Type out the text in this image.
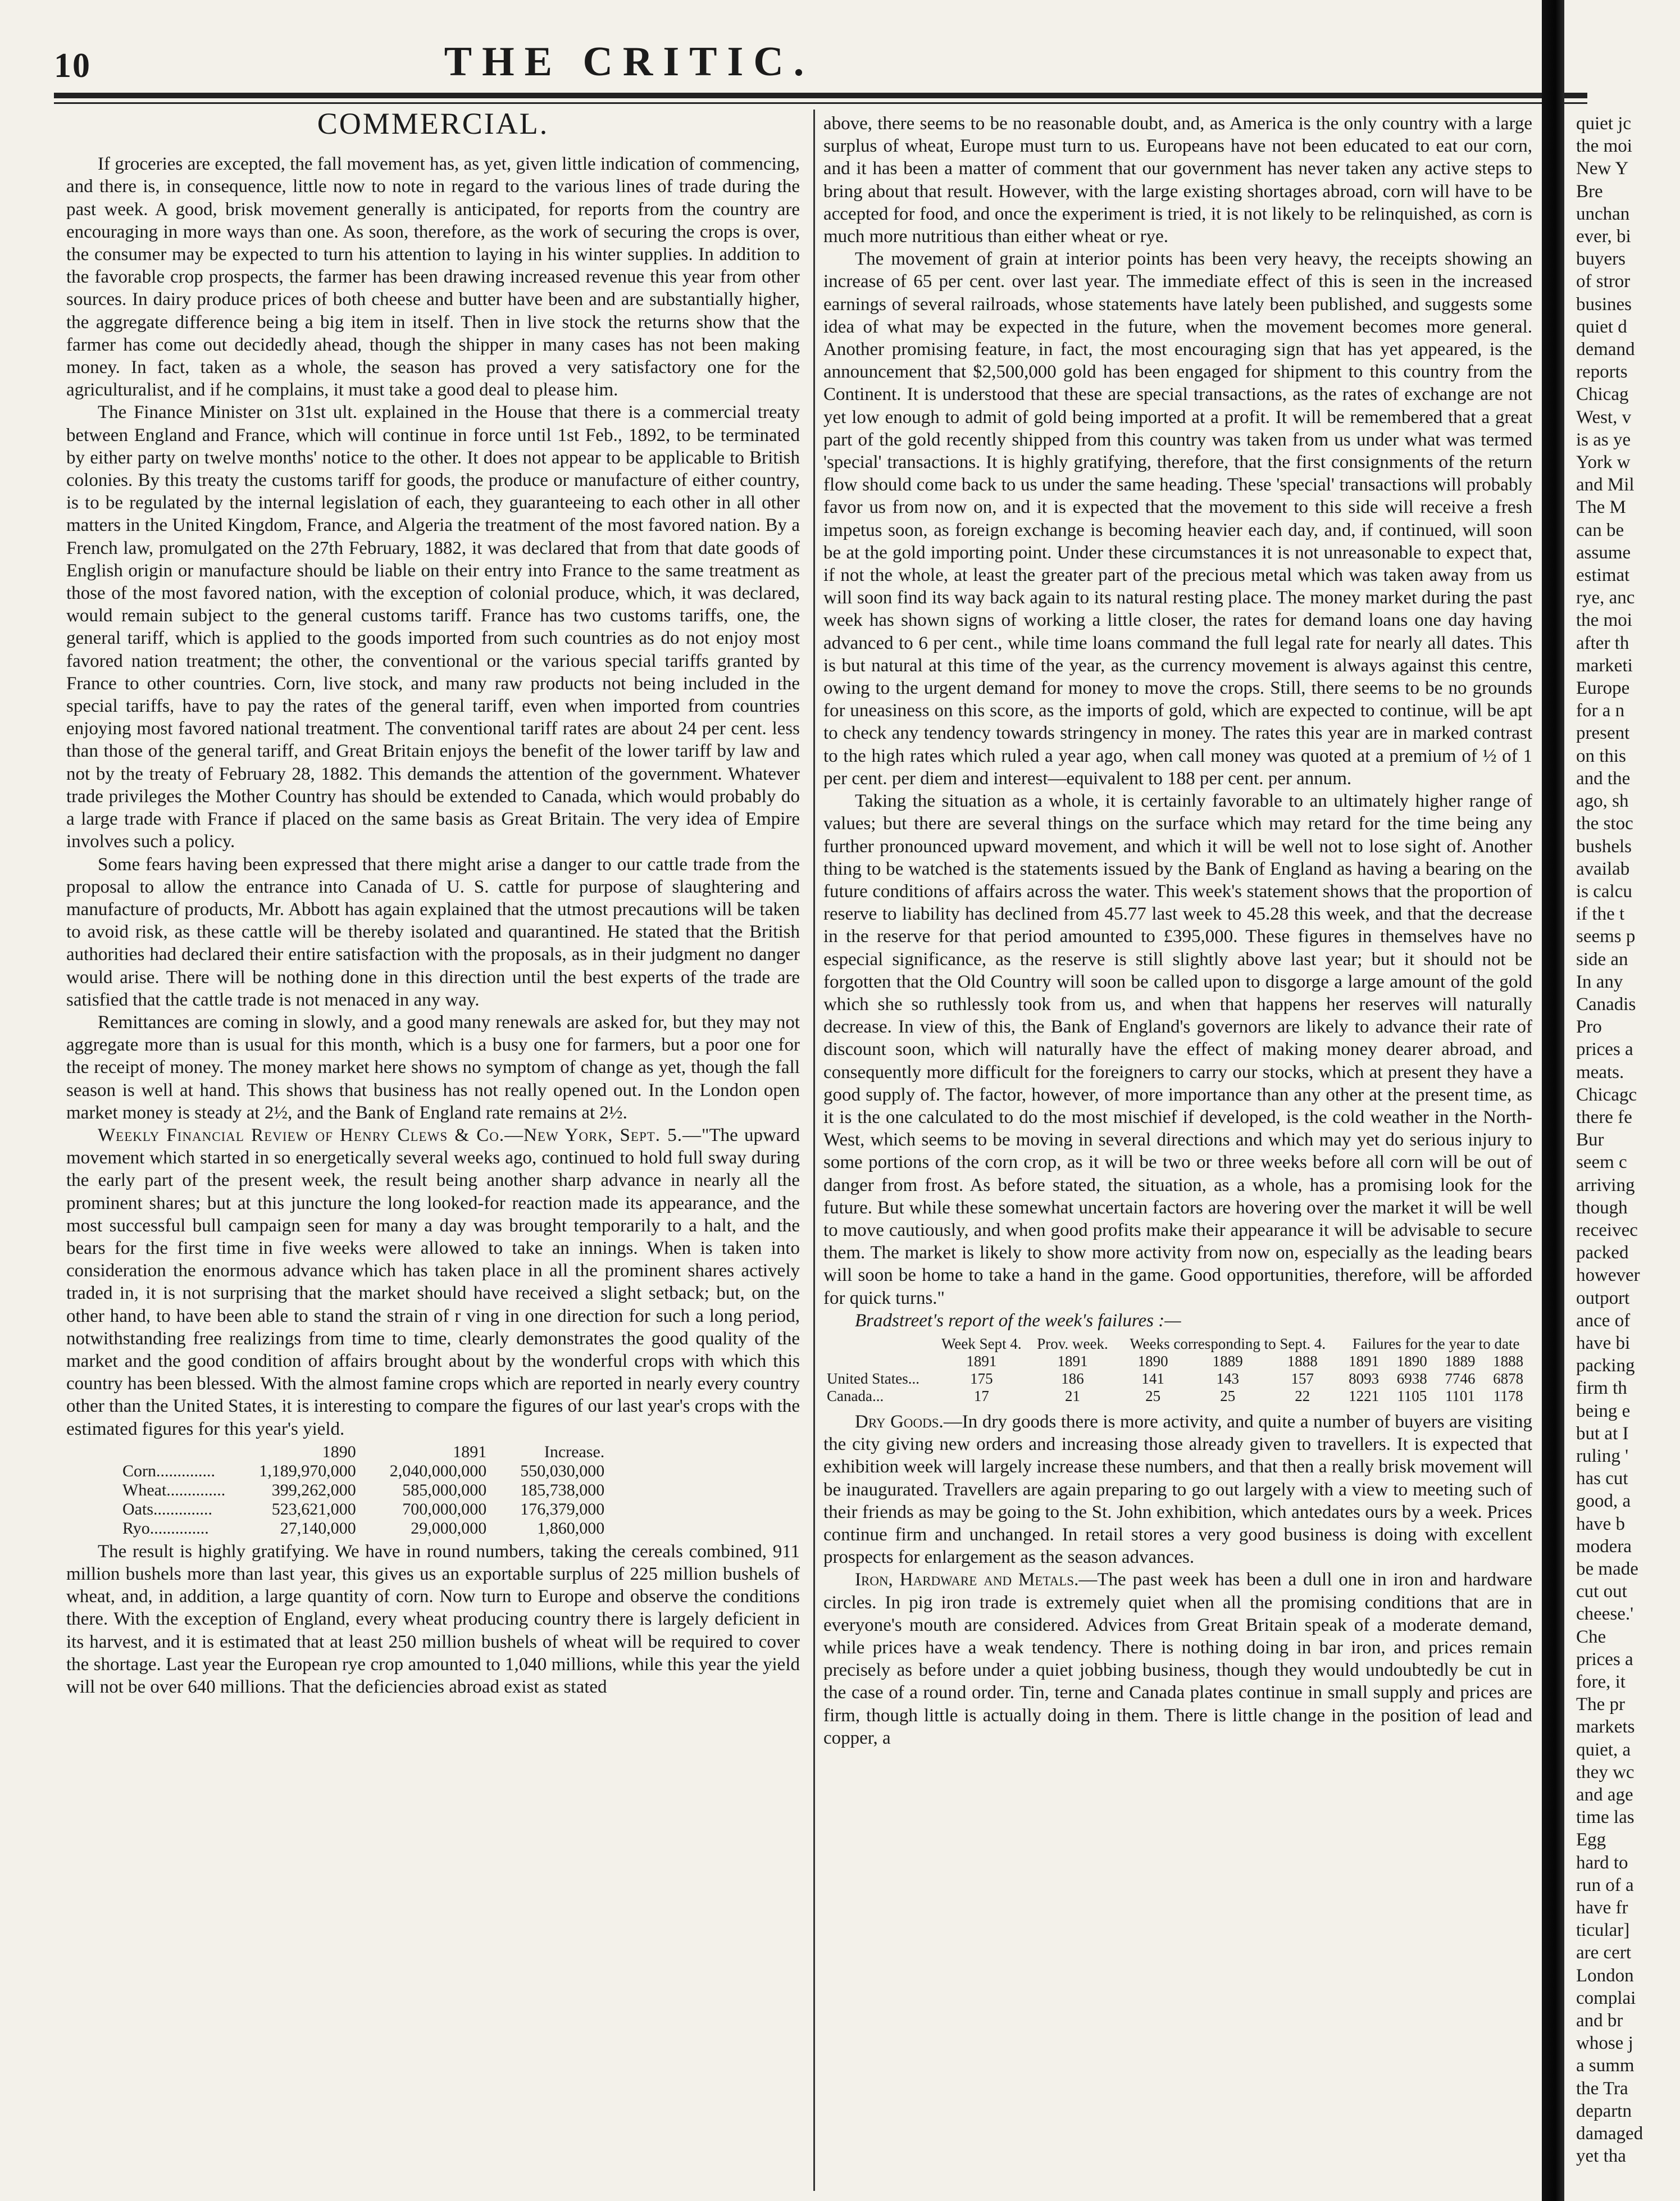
10	THE CRITIC.
COMMERCIAL.

If groceries are excepted, the fall movement has, as yet, given little indication of commencing, and there is, in consequence, little now to note in regard to the various lines of trade during the past week. A good, brisk movement generally is anticipated, for reports from the country are encouraging in more ways than one. As soon, therefore, as the work of securing the crops is over, the consumer may be expected to turn his attention to laying in his winter supplies. In addition to the favorable crop prospects, the farmer has been drawing increased revenue this year from other sources. In dairy produce prices of both cheese and butter have been and are substantially higher, the aggregate difference being a big item in itself. Then in live stock the returns show that the farmer has come out decidedly ahead, though the shipper in many cases has not been making money. In fact, taken as a whole, the season has proved a very satisfactory one for the agriculturalist, and if he complains, it must take a good deal to please him.

The Finance Minister on 31st ult. explained in the House that there is a commercial treaty between England and France, which will continue in force until 1st Feb., 1892, to be terminated by either party on twelve months' notice to the other. It does not appear to be applicable to British colonies. By this treaty the customs tariff for goods, the produce or manufacture of either country, is to be regulated by the internal legislation of each, they guaranteeing to each other in all other matters in the United Kingdom, France, and Algeria the treatment of the most favored nation. By a French law, promulgated on the 27th February, 1882, it was declared that from that date goods of English origin or manufacture should be liable on their entry into France to the same treatment as those of the most favored nation, with the exception of colonial produce, which, it was declared, would remain subject to the general customs tariff. France has two customs tariffs, one, the general tariff, which is applied to the goods imported from such countries as do not enjoy most favored nation treatment; the other, the conventional or the various special tariffs granted by France to other countries. Corn, live stock, and many raw products not being included in the special tariffs, have to pay the rates of the general tariff, even when imported from countries enjoying most favored national treatment. The conventional tariff rates are about 24 per cent. less than those of the general tariff, and Great Britain enjoys the benefit of the lower tariff by law and not by the treaty of February 28, 1882. This demands the attention of the government. Whatever trade privileges the Mother Country has should be extended to Canada, which would probably do a large trade with France if placed on the same basis as Great Britain. The very idea of Empire involves such a policy.

Some fears having been expressed that there might arise a danger to our cattle trade from the proposal to allow the entrance into Canada of U. S. cattle for purpose of slaughtering and manufacture of products, Mr. Abbott has again explained that the utmost precautions will be taken to avoid risk, as these cattle will be thereby isolated and quarantined. He stated that the British authorities had declared their entire satisfaction with the proposals, as in their judgment no danger would arise. There will be nothing done in this direction until the best experts of the trade are satisfied that the cattle trade is not menaced in any way.

Remittances are coming in slowly, and a good many renewals are asked for, but they may not aggregate more than is usual for this month, which is a busy one for farmers, but a poor one for the receipt of money. The money market here shows no symptom of change as yet, though the fall season is well at hand. This shows that business has not really opened out. In the London open market money is steady at 2½, and the Bank of England rate remains at 2½.

Weekly Financial Review of Henry Clews & Co.—New York, Sept. 5.—"The upward movement which started in so energetically several weeks ago, continued to hold full sway during the early part of the present week, the result being another sharp advance in nearly all the prominent shares; but at this juncture the long looked-for reaction made its appearance, and the most successful bull campaign seen for many a day was brought temporarily to a halt, and the bears for the first time in five weeks were allowed to take an innings. When is taken into consideration the enormous advance which has taken place in all the prominent shares actively traded in, it is not surprising that the market should have received a slight setback; but, on the other hand, to have been able to stand the strain of r ving in one direction for such a long period, notwithstanding free realizings from time to time, clearly demonstrates the good quality of the market and the good condition of affairs brought about by the wonderful crops with which this country has been blessed. With the almost famine crops which are reported in nearly every country other than the United States, it is interesting to compare the figures of our last year's crops with the estimated figures for this year's yield.

	1890	1891	Increase.
Corn..............	1,189,970,000	2,040,000,000	550,030,000
Wheat..............	399,262,000	585,000,000	185,738,000
Oats..............	523,621,000	700,000,000	176,379,000
Ryo..............	27,140,000	29,000,000	1,860,000

The result is highly gratifying. We have in round numbers, taking the cereals combined, 911 million bushels more than last year, this gives us an exportable surplus of 225 million bushels of wheat, and, in addition, a large quantity of corn. Now turn to Europe and observe the conditions there. With the exception of England, every wheat producing country there is largely deficient in its harvest, and it is estimated that at least 250 million bushels of wheat will be required to cover the shortage. Last year the European rye crop amounted to 1,040 millions, while this year the yield will not be over 640 millions. That the deficiencies abroad exist as stated

above, there seems to be no reasonable doubt, and, as America is the only country with a large surplus of wheat, Europe must turn to us. Europeans have not been educated to eat our corn, and it has been a matter of comment that our government has never taken any active steps to bring about that result. However, with the large existing shortages abroad, corn will have to be accepted for food, and once the experiment is tried, it is not likely to be relinquished, as corn is much more nutritious than either wheat or rye.

The movement of grain at interior points has been very heavy, the receipts showing an increase of 65 per cent. over last year. The immediate effect of this is seen in the increased earnings of several railroads, whose statements have lately been published, and suggests some idea of what may be expected in the future, when the movement becomes more general. Another promising feature, in fact, the most encouraging sign that has yet appeared, is the announcement that $2,500,000 gold has been engaged for shipment to this country from the Continent. It is understood that these are special transactions, as the rates of exchange are not yet low enough to admit of gold being imported at a profit. It will be remembered that a great part of the gold recently shipped from this country was taken from us under what was termed 'special' transactions. It is highly gratifying, therefore, that the first consignments of the return flow should come back to us under the same heading. These 'special' transactions will probably favor us from now on, and it is expected that the movement to this side will receive a fresh impetus soon, as foreign exchange is becoming heavier each day, and, if continued, will soon be at the gold importing point. Under these circumstances it is not unreasonable to expect that, if not the whole, at least the greater part of the precious metal which was taken away from us will soon find its way back again to its natural resting place. The money market during the past week has shown signs of working a little closer, the rates for demand loans one day having advanced to 6 per cent., while time loans command the full legal rate for nearly all dates. This is but natural at this time of the year, as the currency movement is always against this centre, owing to the urgent demand for money to move the crops. Still, there seems to be no grounds for uneasiness on this score, as the imports of gold, which are expected to continue, will be apt to check any tendency towards stringency in money. The rates this year are in marked contrast to the high rates which ruled a year ago, when call money was quoted at a premium of ½ of 1 per cent. per diem and interest—equivalent to 188 per cent. per annum.

Taking the situation as a whole, it is certainly favorable to an ultimately higher range of values; but there are several things on the surface which may retard for the time being any further pronounced upward movement, and which it will be well not to lose sight of. Another thing to be watched is the statements issued by the Bank of England as having a bearing on the future conditions of affairs across the water. This week's statement shows that the proportion of reserve to liability has declined from 45.77 last week to 45.28 this week, and that the decrease in the reserve for that period amounted to £395,000. These figures in themselves have no especial significance, as the reserve is still slightly above last year; but it should not be forgotten that the Old Country will soon be called upon to disgorge a large amount of the gold which she so ruthlessly took from us, and when that happens her reserves will naturally decrease. In view of this, the Bank of England's governors are likely to advance their rate of discount soon, which will naturally have the effect of making money dearer abroad, and consequently more difficult for the foreigners to carry our stocks, which at present they have a good supply of. The factor, however, of more importance than any other at the present time, as it is the one calculated to do the most mischief if developed, is the cold weather in the North-West, which seems to be moving in several directions and which may yet do serious injury to some portions of the corn crop, as it will be two or three weeks before all corn will be out of danger from frost. As before stated, the situation, as a whole, has a promising look for the future. But while these somewhat uncertain factors are hovering over the market it will be well to move cautiously, and when good profits make their appearance it will be advisable to secure them. The market is likely to show more activity from now on, especially as the leading bears will soon be home to take a hand in the game. Good opportunities, therefore, will be afforded for quick turns."

Bradstreet's report of the week's failures :—

	Week Sept 4.	Prov. week.	Weeks corresponding to Sept. 4.			Failures for the year to date			
	1891	1891	1890	1889	1888	1891	1890	1889	1888
United States...	175	186	141	143	157	8093	6938	7746	6878
Canada...	17	21	25	25	22	1221	1105	1101	1178

Dry Goods.—In dry goods there is more activity, and quite a number of buyers are visiting the city giving new orders and increasing those already given to travellers. It is expected that exhibition week will largely increase these numbers, and that then a really brisk movement will be inaugurated. Travellers are again preparing to go out largely with a view to meeting such of their friends as may be going to the St. John exhibition, which antedates ours by a week. Prices continue firm and unchanged. In retail stores a very good business is doing with excellent prospects for enlargement as the season advances.

Iron, Hardware and Metals.—The past week has been a dull one in iron and hardware circles. In pig iron trade is extremely quiet when all the promising conditions that are in everyone's mouth are considered. Advices from Great Britain speak of a moderate demand, while prices have a weak tendency. There is nothing doing in bar iron, and prices remain precisely as before under a quiet jobbing business, though they would undoubtedly be cut in the case of a round order. Tin, terne and Canada plates continue in small supply and prices are firm, though little is actually doing in them. There is little change in the position of lead and copper, a

quiet jc

the moi

New Y

Bre

unchan

ever, bi

buyers

of stror

busines

quiet d

demand

reports

Chicag

West, v

is as ye

York w

and Mil

The M

can be

assume

estimat

rye, anc

the moi

after th

marketi

Europe

for a n

present

on this

and the

ago, sh

the stoc

bushels

availab

is calcu

if the t

seems p

side an

In any

Canadis

Pro

prices a

meats.

Chicagc

there fe

Bur

seem c

arriving

though

receivec

packed

however

outport

ance of

have bi

packing

firm th

being e

but at I

ruling '

has cut

good, a

have b

modera

be made

cut out

cheese.'

Che

prices a

fore, it

The pr

markets

quiet, a

they wc

and age

time las

Egg

hard to

run of a

have fr

ticular]

are cert

London

complai

and br

whose j

a summ

the Tra

departn

damaged

yet tha
